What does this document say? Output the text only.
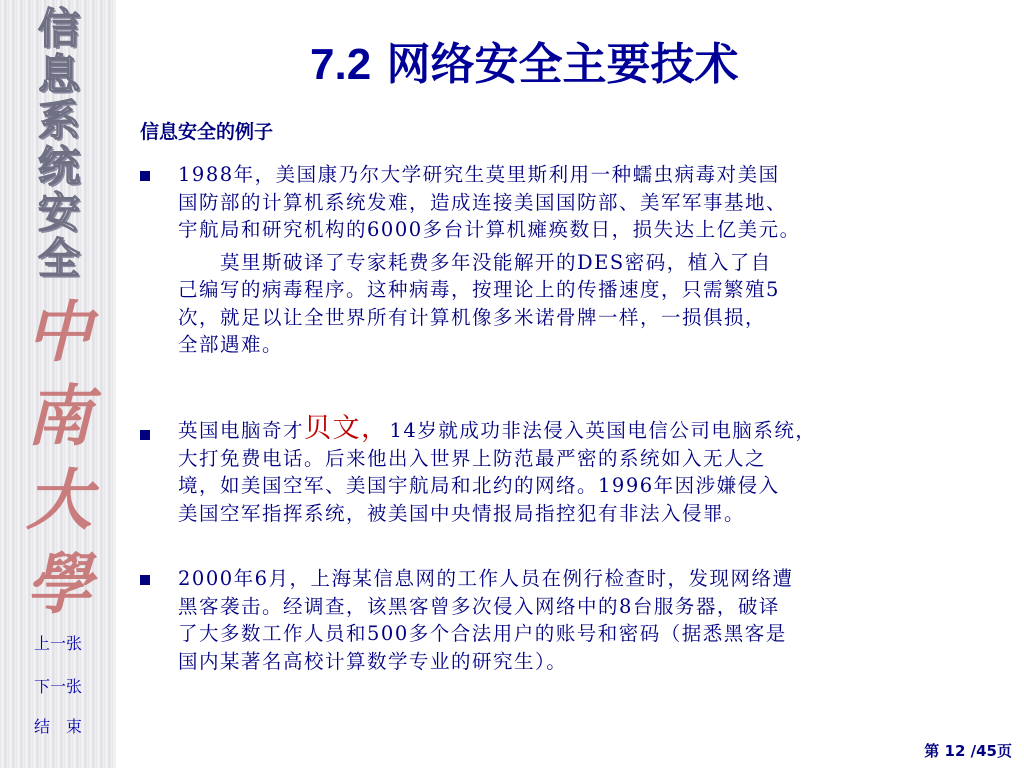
信
息
系
统
安
全
中
南
大
學
上一张
下一张
结　束
7.2 网络安全主要技术
信息安全的例子
1988年，美国康乃尔大学研究生莫里斯利用一种蠕虫病毒对美国
国防部的计算机系统发难，造成连接美国国防部、美军军事基地、
宇航局和研究机构的6000多台计算机瘫痪数日，损失达上亿美元。
　　莫里斯破译了专家耗费多年没能解开的DES密码，植入了自
己编写的病毒程序。这种病毒，按理论上的传播速度，只需繁殖5
次，就足以让全世界所有计算机像多米诺骨牌一样，一损俱损，
全部遇难。
英国电脑奇才贝文，14岁就成功非法侵入英国电信公司电脑系统，
大打免费电话。后来他出入世界上防范最严密的系统如入无人之
境，如美国空军、美国宇航局和北约的网络。1996年因涉嫌侵入
美国空军指挥系统，被美国中央情报局指控犯有非法入侵罪。
2000年6月，上海某信息网的工作人员在例行检查时，发现网络遭
黑客袭击。经调查，该黑客曾多次侵入网络中的8台服务器，破译
了大多数工作人员和500多个合法用户的账号和密码（据悉黑客是
国内某著名高校计算数学专业的研究生）。
第 12 /45页
